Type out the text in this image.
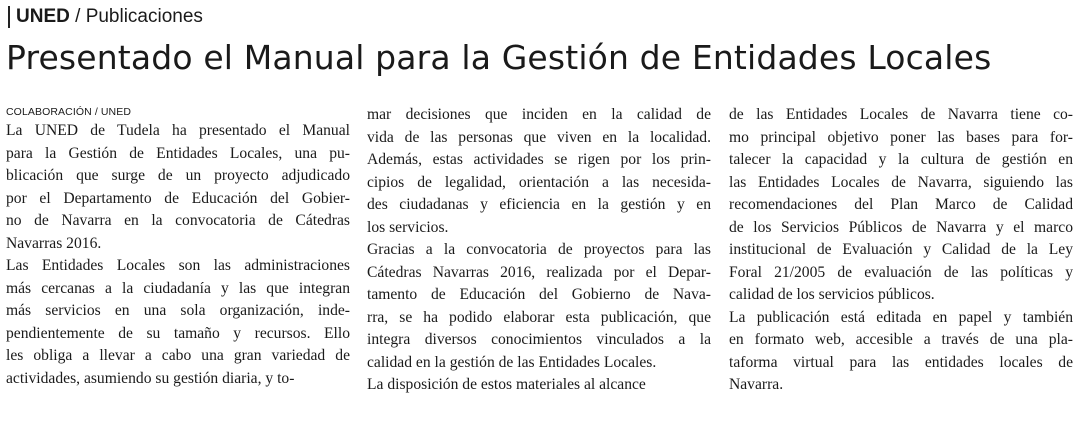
UNED / Publicaciones
Presentado el Manual para la Gestión de Entidades Locales
COLABORACIÓN / UNED
La UNED de Tudela ha presentado el Manual
para la Gestión de Entidades Locales, una pu-
blicación que surge de un proyecto adjudicado
por el Departamento de Educación del Gobier-
no de Navarra en la convocatoria de Cátedras
Navarras 2016.
Las Entidades Locales son las administraciones
más cercanas a la ciudadanía y las que integran
más servicios en una sola organización, inde-
pendientemente de su tamaño y recursos. Ello
les obliga a llevar a cabo una gran variedad de
actividades, asumiendo su gestión diaria, y to-
mar decisiones que inciden en la calidad de
vida de las personas que viven en la localidad.
Además, estas actividades se rigen por los prin-
cipios de legalidad, orientación a las necesida-
des ciudadanas y eficiencia en la gestión y en
los servicios.
Gracias a la convocatoria de proyectos para las
Cátedras Navarras 2016, realizada por el Depar-
tamento de Educación del Gobierno de Nava-
rra, se ha podido elaborar esta publicación, que
integra diversos conocimientos vinculados a la
calidad en la gestión de las Entidades Locales.
La disposición de estos materiales al alcance
de las Entidades Locales de Navarra tiene co-
mo principal objetivo poner las bases para for-
talecer la capacidad y la cultura de gestión en
las Entidades Locales de Navarra, siguiendo las
recomendaciones del Plan Marco de Calidad
de los Servicios Públicos de Navarra y el marco
institucional de Evaluación y Calidad de la Ley
Foral 21/2005 de evaluación de las políticas y
calidad de los servicios públicos.
La publicación está editada en papel y también
en formato web, accesible a través de una pla-
taforma virtual para las entidades locales de
Navarra.
